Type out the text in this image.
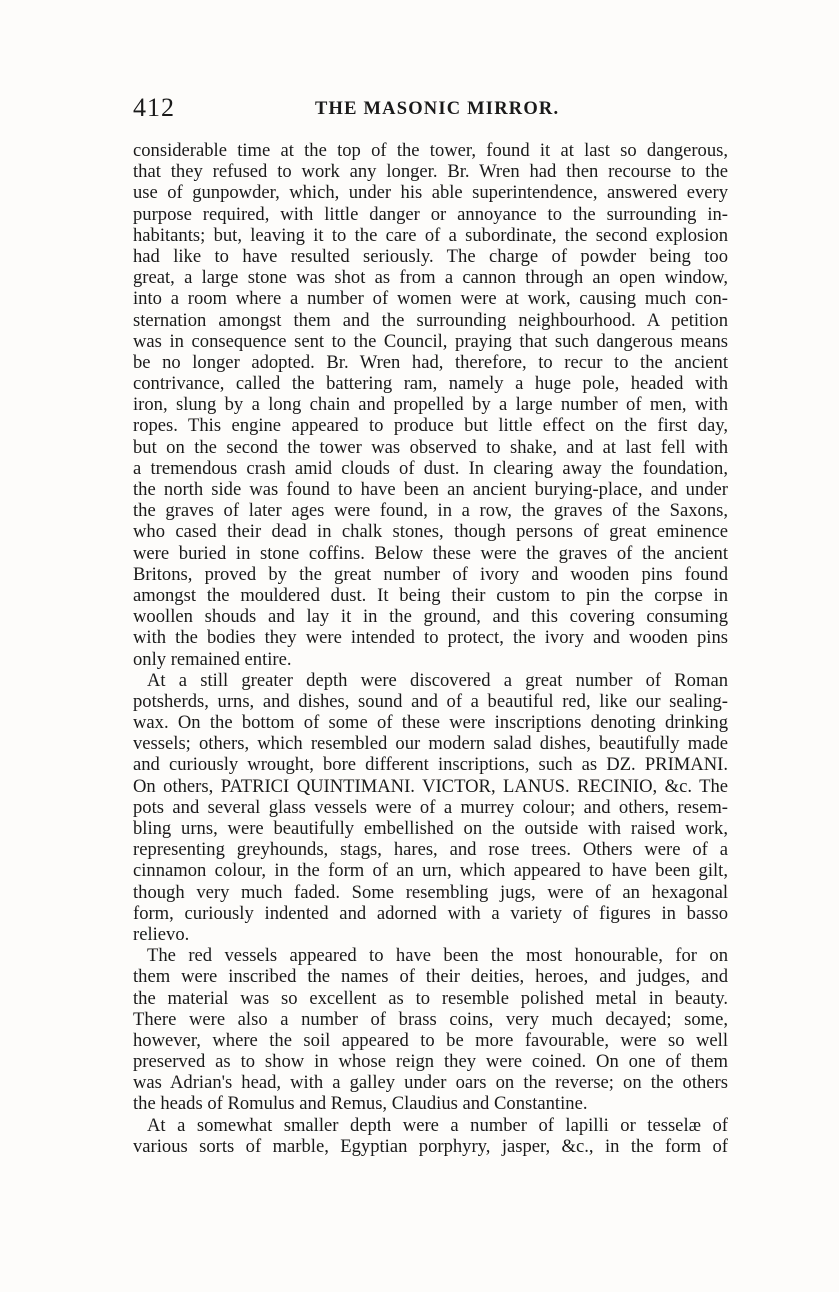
412	THE MASONIC MIRROR.
considerable time at the top of the tower, found it at last so dangerous,
that they refused to work any longer. Br. Wren had then recourse to the
use of gunpowder, which, under his able superintendence, answered every
purpose required, with little danger or annoyance to the surrounding in-
habitants; but, leaving it to the care of a subordinate, the second explosion
had like to have resulted seriously. The charge of powder being too
great, a large stone was shot as from a cannon through an open window,
into a room where a number of women were at work, causing much con-
sternation amongst them and the surrounding neighbourhood. A petition
was in consequence sent to the Council, praying that such dangerous means
be no longer adopted. Br. Wren had, therefore, to recur to the ancient
contrivance, called the battering ram, namely a huge pole, headed with
iron, slung by a long chain and propelled by a large number of men, with
ropes. This engine appeared to produce but little effect on the first day,
but on the second the tower was observed to shake, and at last fell with
a tremendous crash amid clouds of dust. In clearing away the foundation,
the north side was found to have been an ancient burying-place, and under
the graves of later ages were found, in a row, the graves of the Saxons,
who cased their dead in chalk stones, though persons of great eminence
were buried in stone coffins. Below these were the graves of the ancient
Britons, proved by the great number of ivory and wooden pins found
amongst the mouldered dust. It being their custom to pin the corpse in
woollen shouds and lay it in the ground, and this covering consuming
with the bodies they were intended to protect, the ivory and wooden pins
only remained entire.
At a still greater depth were discovered a great number of Roman
potsherds, urns, and dishes, sound and of a beautiful red, like our sealing-
wax. On the bottom of some of these were inscriptions denoting drinking
vessels; others, which resembled our modern salad dishes, beautifully made
and curiously wrought, bore different inscriptions, such as DZ. PRIMANI.
On others, PATRICI QUINTIMANI. VICTOR, LANUS. RECINIO, &c. The
pots and several glass vessels were of a murrey colour; and others, resem-
bling urns, were beautifully embellished on the outside with raised work,
representing greyhounds, stags, hares, and rose trees. Others were of a
cinnamon colour, in the form of an urn, which appeared to have been gilt,
though very much faded. Some resembling jugs, were of an hexagonal
form, curiously indented and adorned with a variety of figures in basso
relievo.
The red vessels appeared to have been the most honourable, for on
them were inscribed the names of their deities, heroes, and judges, and
the material was so excellent as to resemble polished metal in beauty.
There were also a number of brass coins, very much decayed; some,
however, where the soil appeared to be more favourable, were so well
preserved as to show in whose reign they were coined. On one of them
was Adrian's head, with a galley under oars on the reverse; on the others
the heads of Romulus and Remus, Claudius and Constantine.
At a somewhat smaller depth were a number of lapilli or tesselæ of
various sorts of marble, Egyptian porphyry, jasper, &c., in the form of
